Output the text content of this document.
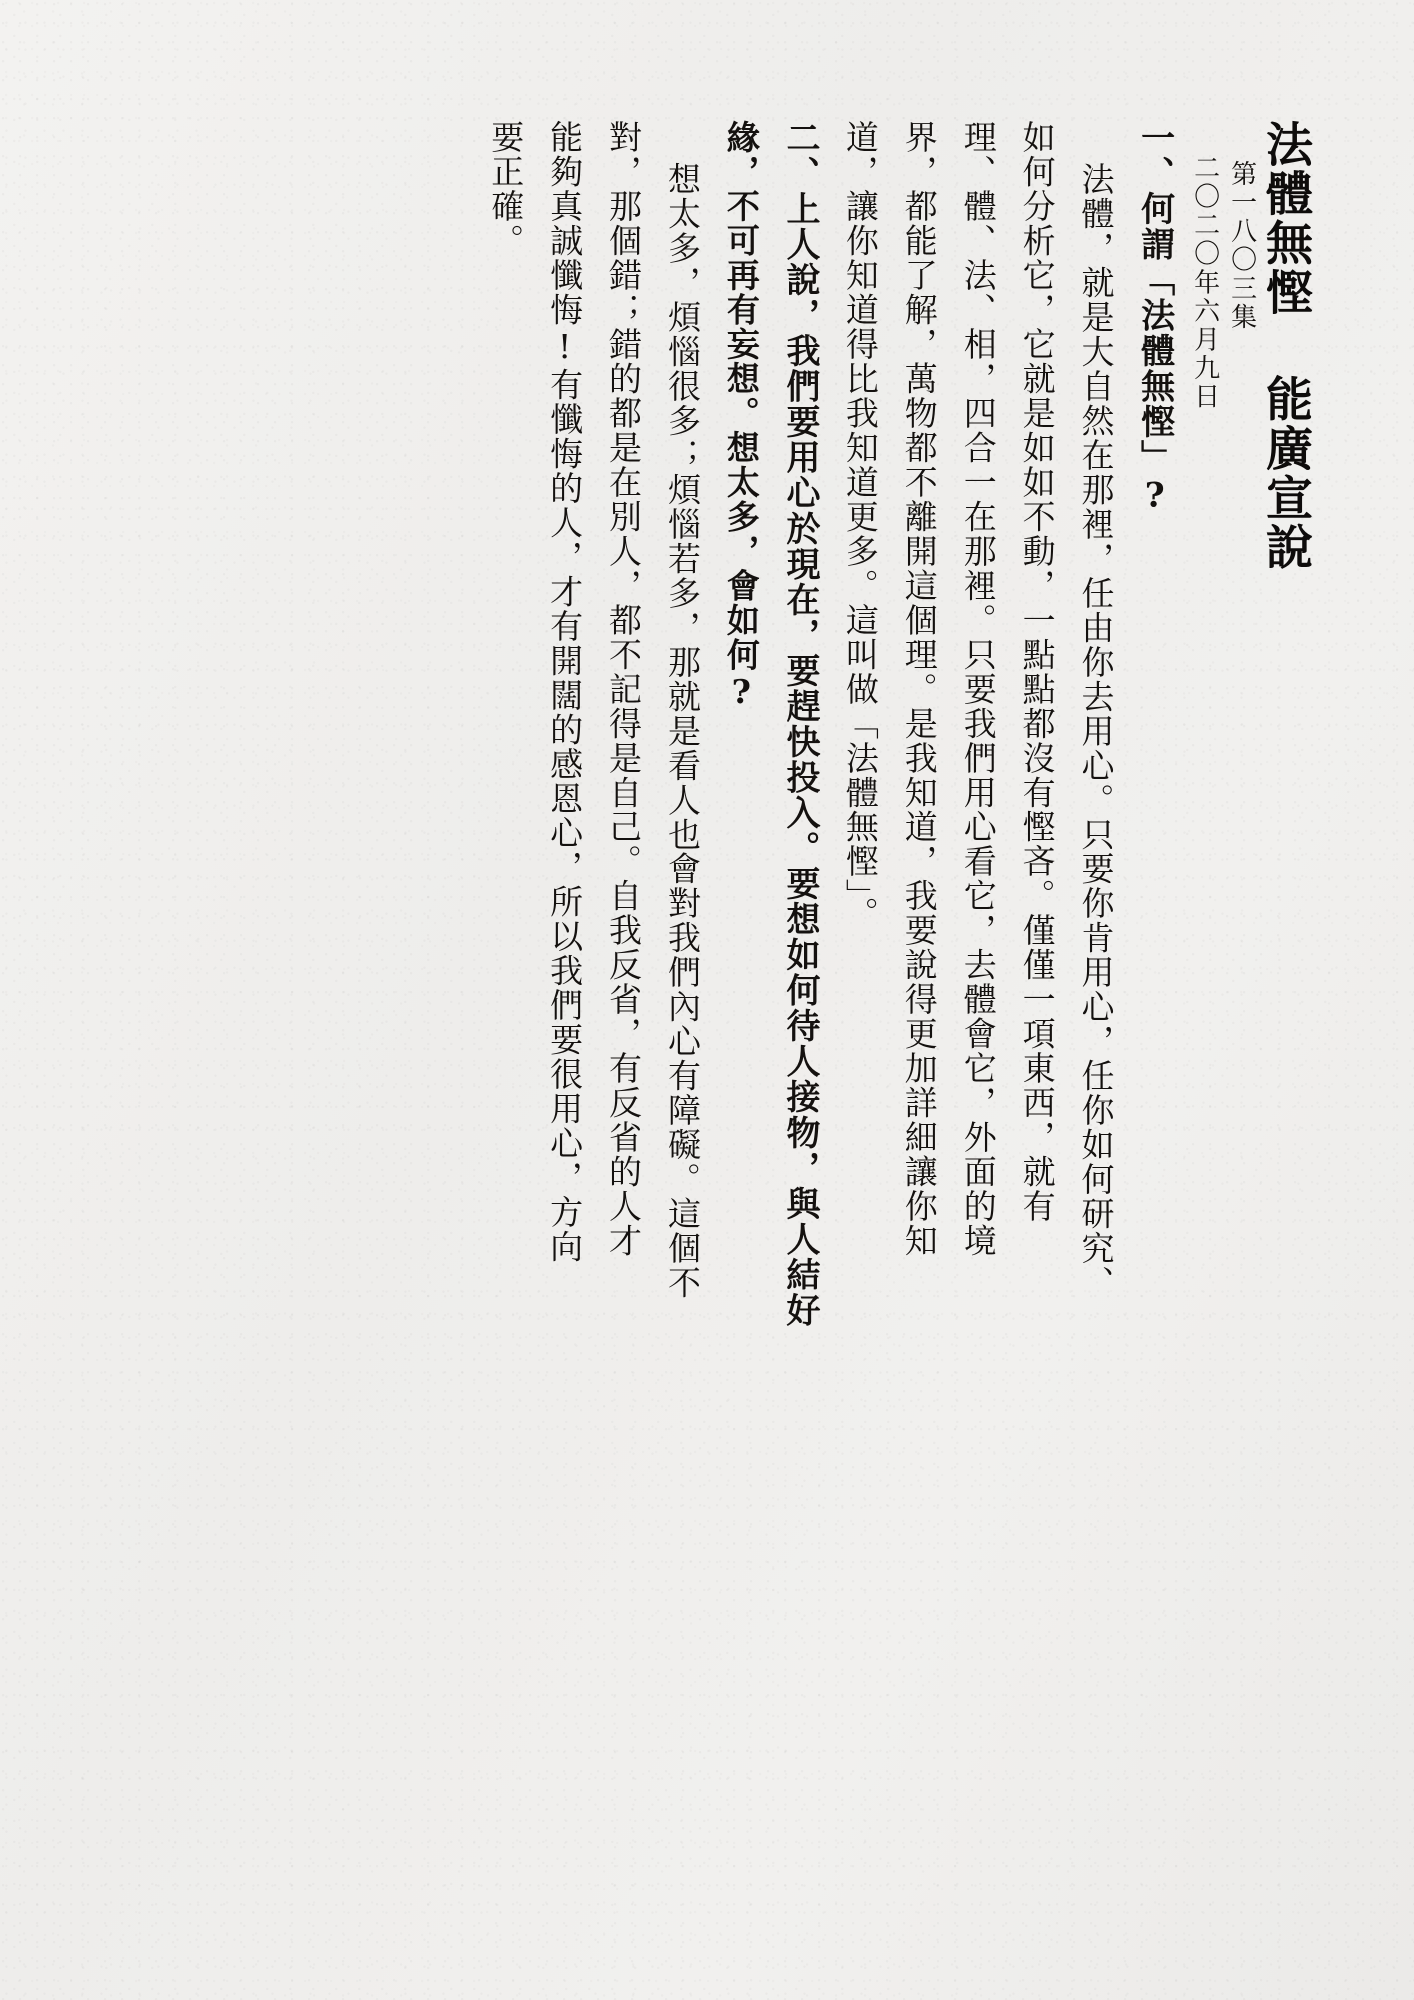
法體無慳 能廣宣說
第一八〇三集
二〇二〇年六月九日
一、何謂「法體無慳」?
法體，就是大自然在那裡，任由你去用心。只要你肯用心，任你如何研究、
如何分析它，它就是如如不動，一點點都沒有慳吝。僅僅一項東西，就有
理、體、法、相，四合一在那裡。只要我們用心看它，去體會它，外面的境
界，都能了解，萬物都不離開這個理。是我知道，我要說得更加詳細讓你知
道，讓你知道得比我知道更多。這叫做「法體無慳」。
二、上人說，我們要用心於現在，要趕快投入。要想如何待人接物，與人結好
緣，不可再有妄想。想太多，會如何?
想太多，煩惱很多；煩惱若多，那就是看人也會對我們內心有障礙。這個不
對，那個錯；錯的都是在別人，都不記得是自己。自我反省，有反省的人才
能夠真誠懺悔!有懺悔的人，才有開闊的感恩心，所以我們要很用心，方向
要正確。
